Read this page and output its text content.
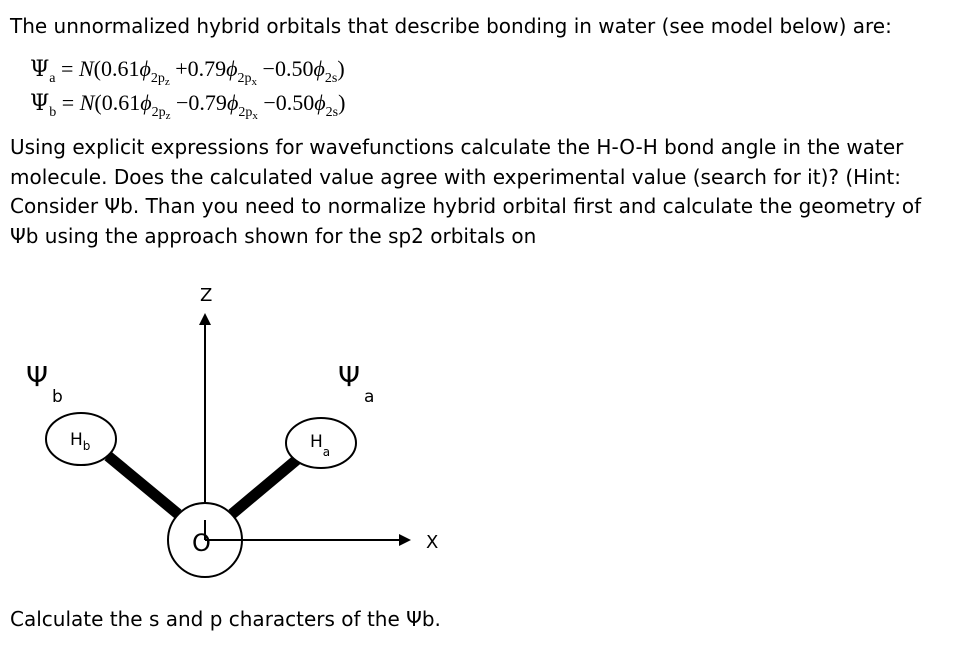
The unnormalized hybrid orbitals that describe bonding in water (see model below) are:
$\Psi_a = N(0.61\phi_{2p_z} +0.79\phi_{2p_x} -0.50\phi_{2s})$
$\Psi_b = N(0.61\phi_{2p_z} -0.79\phi_{2p_x} -0.50\phi_{2s})$

Using explicit expressions for wavefunctions calculate the H-O-H bond angle in the water molecule. Does the calculated value agree with experimental value (search for it)? (Hint: Consider Ψb. Than you need to normalize hybrid orbital first and calculate the geometry of Ψb using the approach shown for the sp2 orbitals on

Z
X
O
$H_b$	$H_a$
$\Psi_b$
$\Psi_a$
Calculate the s and p characters of the Ψb.
